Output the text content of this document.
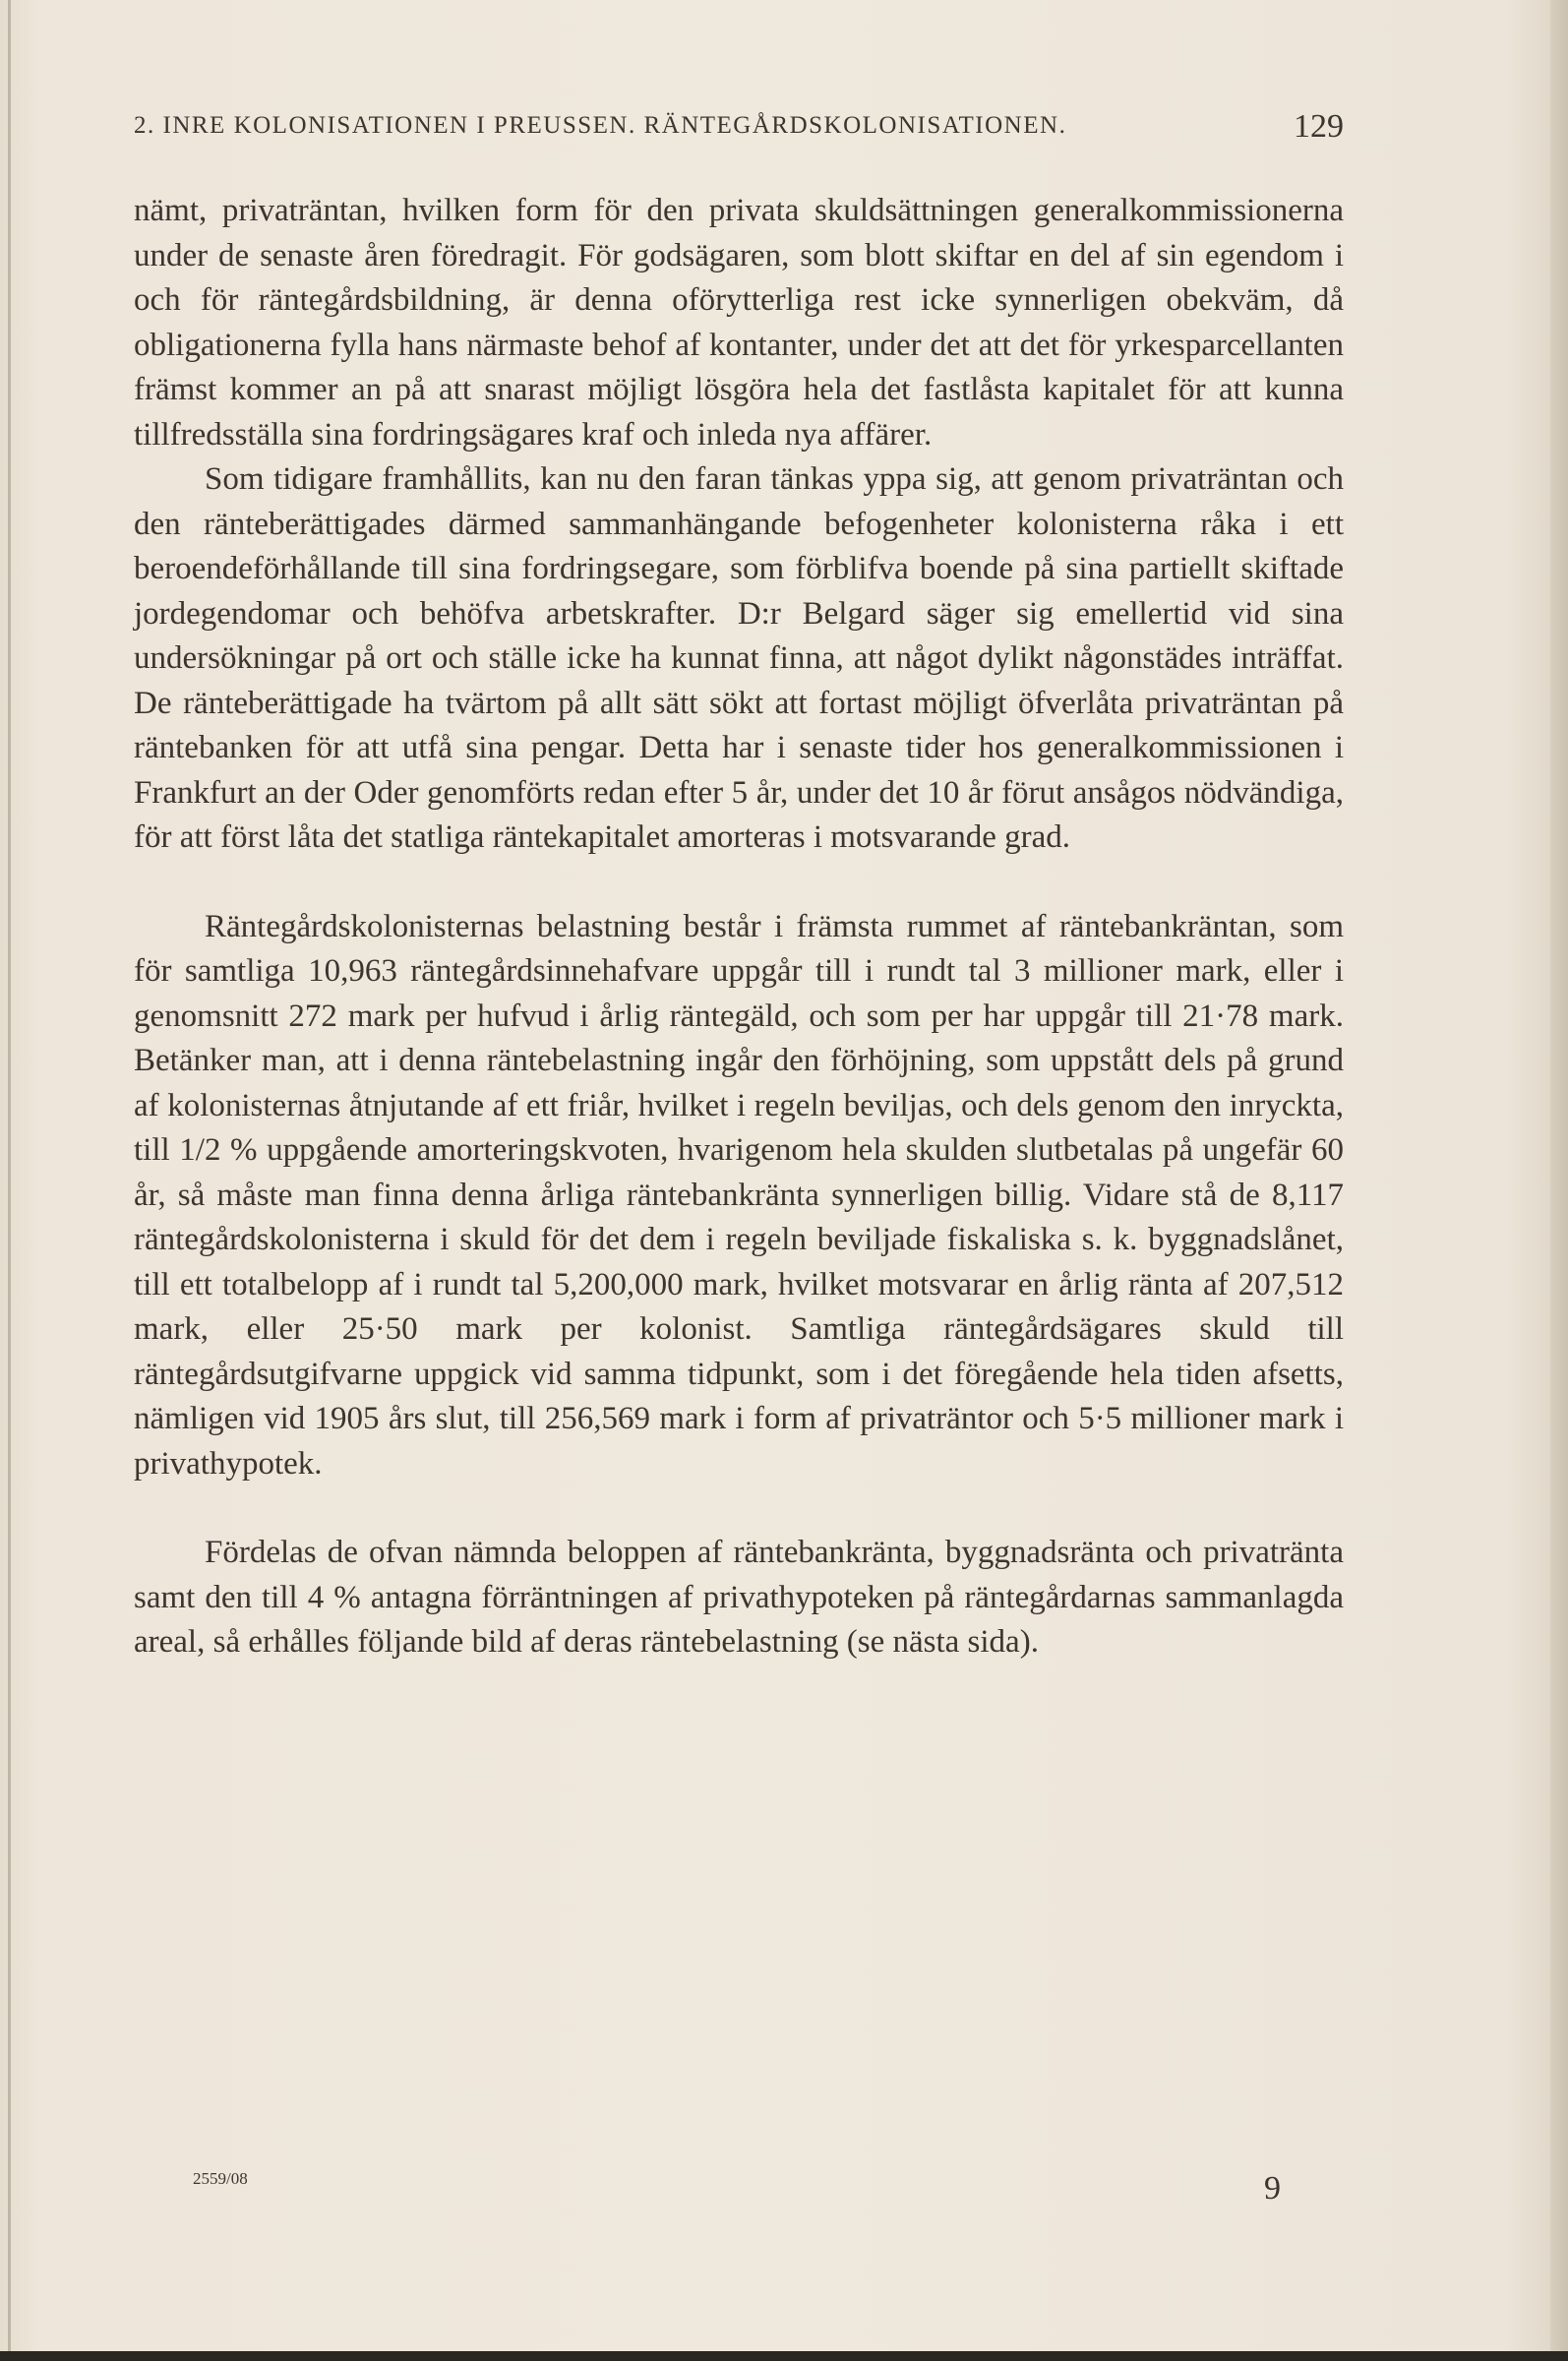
2. INRE KOLONISATIONEN I PREUSSEN. RÄNTEGÅRDSKOLONISATIONEN.	129

nämt, privaträntan, hvilken form för den privata skuldsättningen generalkommissionerna under de senaste åren föredragit. För godsägaren, som blott skiftar en del af sin egendom i och för räntegårdsbildning, är denna oförytterliga rest icke synnerligen obekväm, då obligationerna fylla hans närmaste behof af kontanter, under det att det för yrkesparcellanten främst kommer an på att snarast möjligt lösgöra hela det fastlåsta kapitalet för att kunna tillfredsställa sina fordringsägares kraf och inleda nya affärer.

Som tidigare framhållits, kan nu den faran tänkas yppa sig, att genom privaträntan och den ränteberättigades därmed sammanhängande befogenheter kolonisterna råka i ett beroendeförhållande till sina fordringsegare, som förblifva boende på sina partiellt skiftade jordegendomar och behöfva arbetskrafter. D:r Belgard säger sig emellertid vid sina undersökningar på ort och ställe icke ha kunnat finna, att något dylikt någonstädes inträffat. De ränteberättigade ha tvärtom på allt sätt sökt att fortast möjligt öfverlåta privaträntan på räntebanken för att utfå sina pengar. Detta har i senaste tider hos generalkommissionen i Frankfurt an der Oder genomförts redan efter 5 år, under det 10 år förut ansågos nödvändiga, för att först låta det statliga räntekapitalet amorteras i motsvarande grad.

Räntegårdskolonisternas belastning består i främsta rummet af räntebankräntan, som för samtliga 10,963 räntegårdsinnehafvare uppgår till i rundt tal 3 millioner mark, eller i genomsnitt 272 mark per hufvud i årlig räntegäld, och som per har uppgår till 21·78 mark. Betänker man, att i denna räntebelastning ingår den förhöjning, som uppstått dels på grund af kolonisternas åtnjutande af ett friår, hvilket i regeln beviljas, och dels genom den inryckta, till 1/2 % uppgående amorteringskvoten, hvarigenom hela skulden slutbetalas på ungefär 60 år, så måste man finna denna årliga räntebankränta synnerligen billig. Vidare stå de 8,117 räntegårdskolonisterna i skuld för det dem i regeln beviljade fiskaliska s. k. byggnadslånet, till ett totalbelopp af i rundt tal 5,200,000 mark, hvilket motsvarar en årlig ränta af 207,512 mark, eller 25·50 mark per kolonist. Samtliga räntegårdsägares skuld till räntegårdsutgifvarne uppgick vid samma tidpunkt, som i det föregående hela tiden afsetts, nämligen vid 1905 års slut, till 256,569 mark i form af privaträntor och 5·5 millioner mark i privathypotek.

Fördelas de ofvan nämnda beloppen af räntebankränta, byggnadsränta och privatränta samt den till 4 % antagna förräntningen af privathypoteken på räntegårdarnas sammanlagda areal, så erhålles följande bild af deras räntebelastning (se nästa sida).

2559/08	9
